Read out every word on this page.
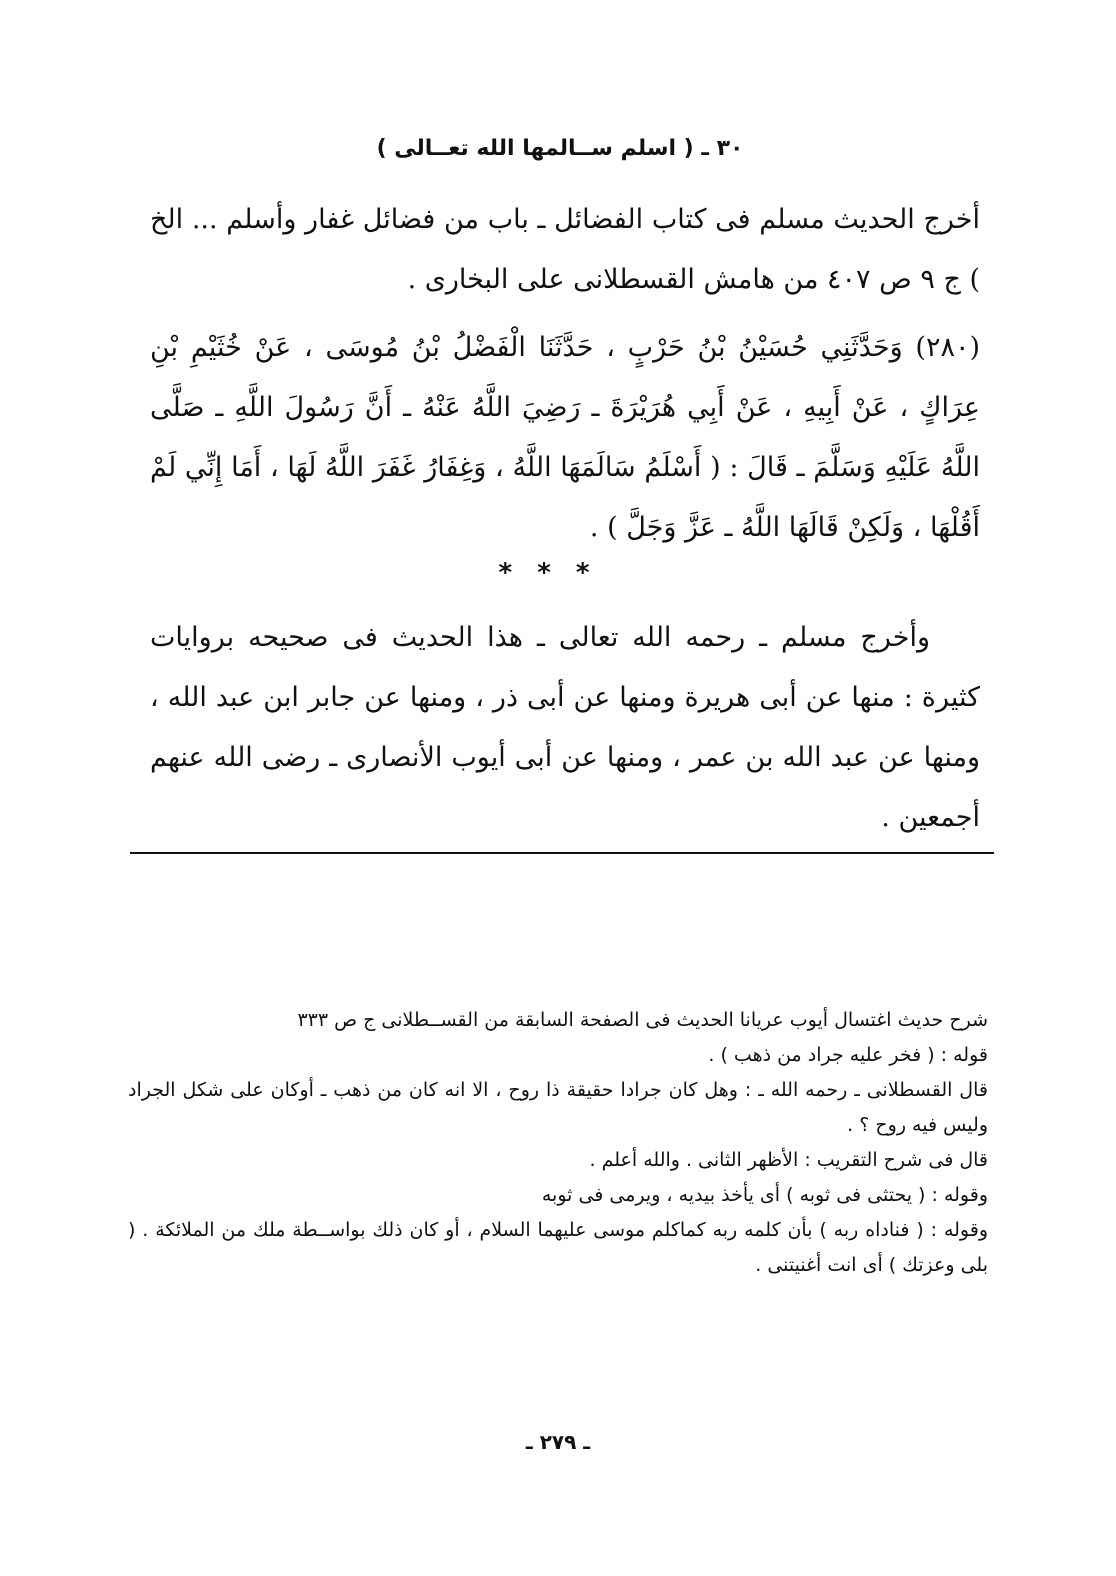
٣٠ ـ ( اسلم ســالمها الله تعــالى )

أخرج الحديث مسلم فى كتاب الفضائل ـ باب من فضائل غفار وأسلم ... الخ ) ج ٩ ص ٤٠٧ من هامش القسطلانى على البخارى .

(٢٨٠) وَحَدَّثَنِي حُسَيْنُ بْنُ حَرْبٍ ، حَدَّثَنَا الْفَضْلُ بْنُ مُوسَى ، عَنْ خُثَيْمِ بْنِ عِرَاكٍ ، عَنْ أَبِيهِ ، عَنْ أَبِي هُرَيْرَةَ ـ رَضِيَ اللَّهُ عَنْهُ ـ أَنَّ رَسُولَ اللَّهِ ـ صَلَّى اللَّهُ عَلَيْهِ وَسَلَّمَ ـ قَالَ : ( أَسْلَمُ سَالَمَهَا اللَّهُ ، وَغِفَارُ غَفَرَ اللَّهُ لَهَا ، أَمَا إِنِّي لَمْ أَقُلْهَا ، وَلَكِنْ قَالَهَا اللَّهُ ـ عَزَّ وَجَلَّ ) .

* * *

وأخرج مسلم ـ رحمه الله تعالى ـ هذا الحديث فى صحيحه بروايات كثيرة : منها عن أبى هريرة ومنها عن أبى ذر ، ومنها عن جابر ابن عبد الله ، ومنها عن عبد الله بن عمر ، ومنها عن أبى أيوب الأنصارى ـ رضى الله عنهم أجمعين .

شرح حديث اغتسال أيوب عريانا الحديث فى الصفحة السابقة من القســطلانى ج ص ٣٣٣

قوله : ( فخر عليه جراد من ذهب ) .

قال القسطلانى ـ رحمه الله ـ : وهل كان جرادا حقيقة ذا روح ، الا انه كان من ذهب ـ أوكان على شكل الجراد وليس فيه روح ؟ .

قال فى شرح التقريب : الأظهر الثانى . والله أعلم .

وقوله : ( يحتثى فى ثوبه ) أى يأخذ بيديه ، ويرمى فى ثوبه

وقوله : ( فناداه ربه ) بأن كلمه ربه كماكلم موسى عليهما السلام ، أو كان ذلك بواســطة ملك من الملائكة . ( بلى وعزتك ) أى انت أغنيتنى .

ـ ٢٧٩ ـ
